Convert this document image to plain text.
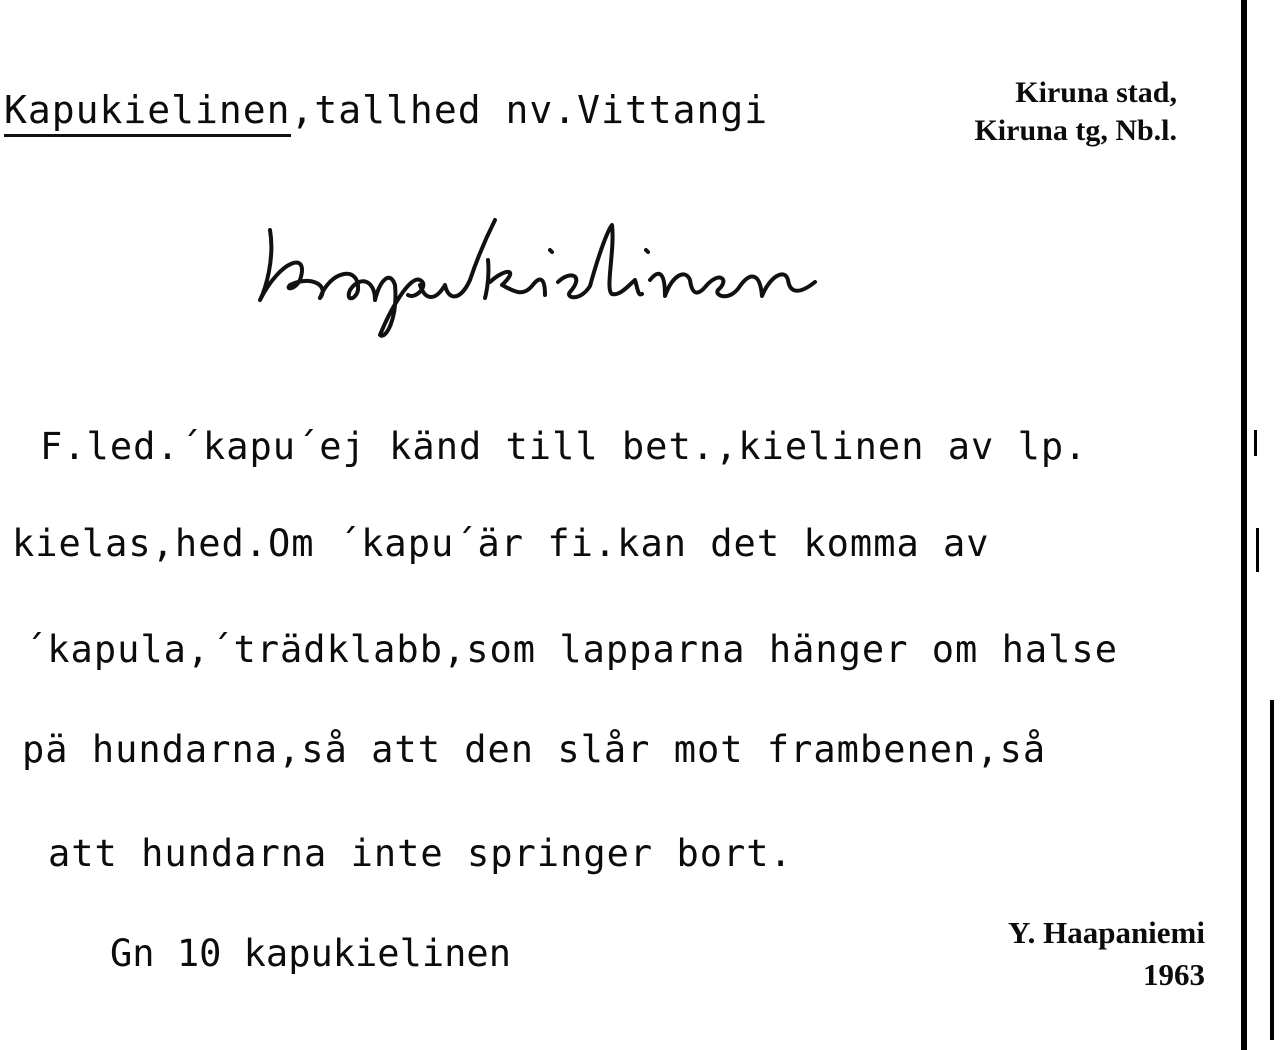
Kapukielinen,tallhed nv.Vittangi	Kiruna stad,
Kiruna tg, Nb.l.
F.led.´kapu´ej känd till bet.,kielinen av lp.
kielas,hed.Om ´kapu´är fi.kan det komma av
´kapula,´trädklabb,som lapparna hänger om halse
pä hundarna,så att den slår mot frambenen,så
att hundarna inte springer bort.
Gn 10 kapukielinen	Y. Haapaniemi
1963
